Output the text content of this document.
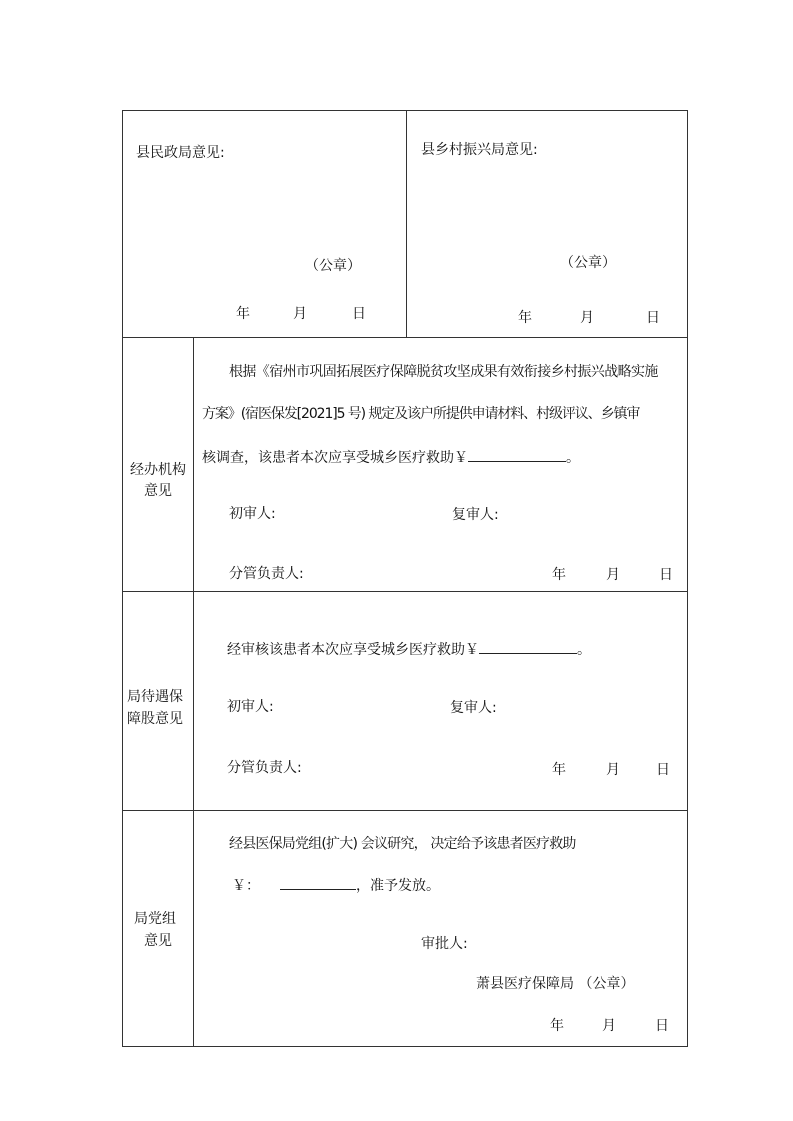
县民政局意见:
（公章）
年	月	日
县乡村振兴局意见:
（公章）
年	月	日
经办机构
意见
根据《宿州市巩固拓展医疗保障脱贫攻坚成果有效衔接乡村振兴战略实施
方案》(宿医保发[2021]5 号) 规定及该户所提供申请材料、村级评议、乡镇审
核调查，该患者本次应享受城乡医疗救助￥	。
初审人:	复审人:
分管负责人:	年	月	日
局待遇保
障股意见
经审核该患者本次应享受城乡医疗救助￥	。
初审人:	复审人:
分管负责人:	年	月	日
局党组
意见
经县医保局党组(扩大) 会议研究， 决定给予该患者医疗救助
￥：	，准予发放。
审批人:
萧县医疗保障局 （公章）
年	月	日
